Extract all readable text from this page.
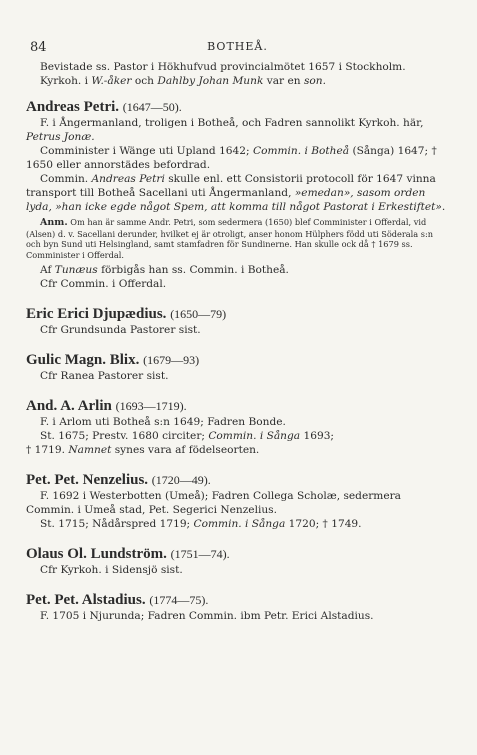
84	BOTHEÅ.

Bevistade ss. Pastor i Hökhufvud provincialmötet 1657 i Stockholm.

Kyrkoh. i W.-åker och Dahlby Johan Munk var en son.

Andreas Petri. (1647—50).

F. i Ångermanland, troligen i Botheå, och Fadren sannolikt Kyrkoh. här, Petrus Jonæ.

Comminister i Wänge uti Upland 1642; Commin. i Botheå (Sånga) 1647; † 1650 eller annorstädes befordrad.

Commin. Andreas Petri skulle enl. ett Consistorii protocoll för 1647 vinna transport till Botheå Sacellani uti Ångermanland, »emedan», sasom orden lyda, »han icke egde något Spem, att komma till något Pastorat i Erkestiftet».

Anm. Om han är samme Andr. Petri, som sedermera (1650) blef Comminister i Offerdal, vid (Alsen) d. v. Sacellani derunder, hvilket ej är otroligt, anser honom Hülphers född uti Söderala s:n och byn Sund uti Helsingland, samt stamfadren för Sundinerne. Han skulle ock då † 1679 ss. Comminister i Offerdal.

Af Tunæus förbigås han ss. Commin. i Botheå.

Cfr Commin. i Offerdal.

Eric Erici Djupædius. (1650—79)

Cfr Grundsunda Pastorer sist.

Gulic Magn. Blix. (1679—93)

Cfr Ranea Pastorer sist.

And. A. Arlin (1693—1719).

F. i Arlom uti Botheå s:n 1649; Fadren Bonde.

St. 1675; Prestv. 1680 circiter; Commin. i Sånga 1693;

† 1719. Namnet synes vara af födelseorten.

Pet. Pet. Nenzelius. (1720—49).

F. 1692 i Westerbotten (Umeå); Fadren Collega Scholæ, sedermera Commin. i Umeå stad, Pet. Segerici Nenzelius.

St. 1715; Nådårspred 1719; Commin. i Sånga 1720; † 1749.

Olaus Ol. Lundström. (1751—74).

Cfr Kyrkoh. i Sidensjö sist.

Pet. Pet. Alstadius. (1774—75).

F. 1705 i Njurunda; Fadren Commin. ibm Petr. Erici Alstadius.
